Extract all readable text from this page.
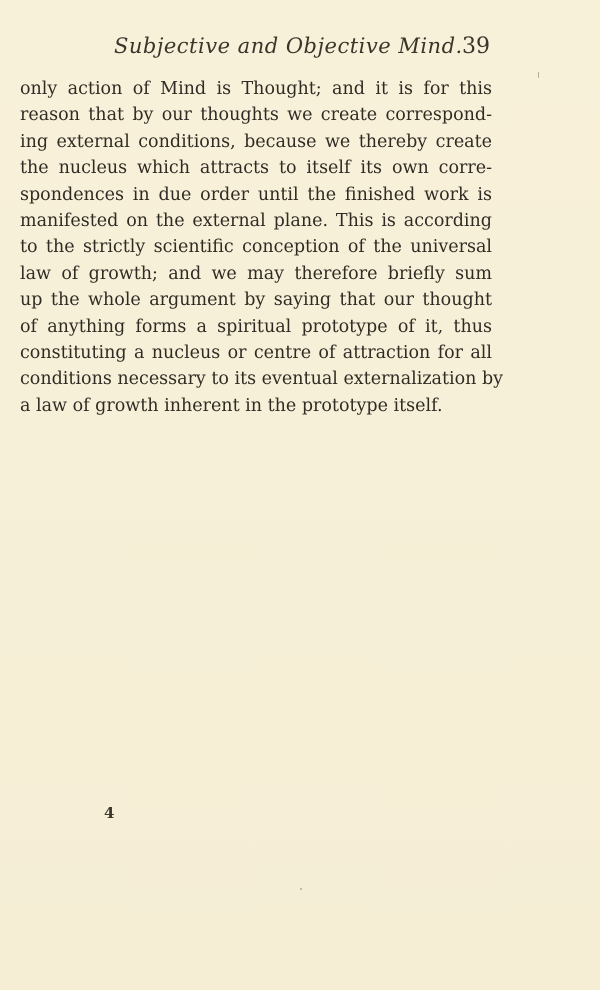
Subjective and Objective Mind. 39
only action of Mind is Thought; and it is for this
reason that by our thoughts we create correspond-
ing external conditions, because we thereby create
the nucleus which attracts to itself its own corre-
spondences in due order until the finished work is
manifested on the external plane. This is according
to the strictly scientific conception of the universal
law of growth; and we may therefore briefly sum
up the whole argument by saying that our thought
of anything forms a spiritual prototype of it, thus
constituting a nucleus or centre of attraction for all
conditions necessary to its eventual externalization by
a law of growth inherent in the prototype itself.
4
